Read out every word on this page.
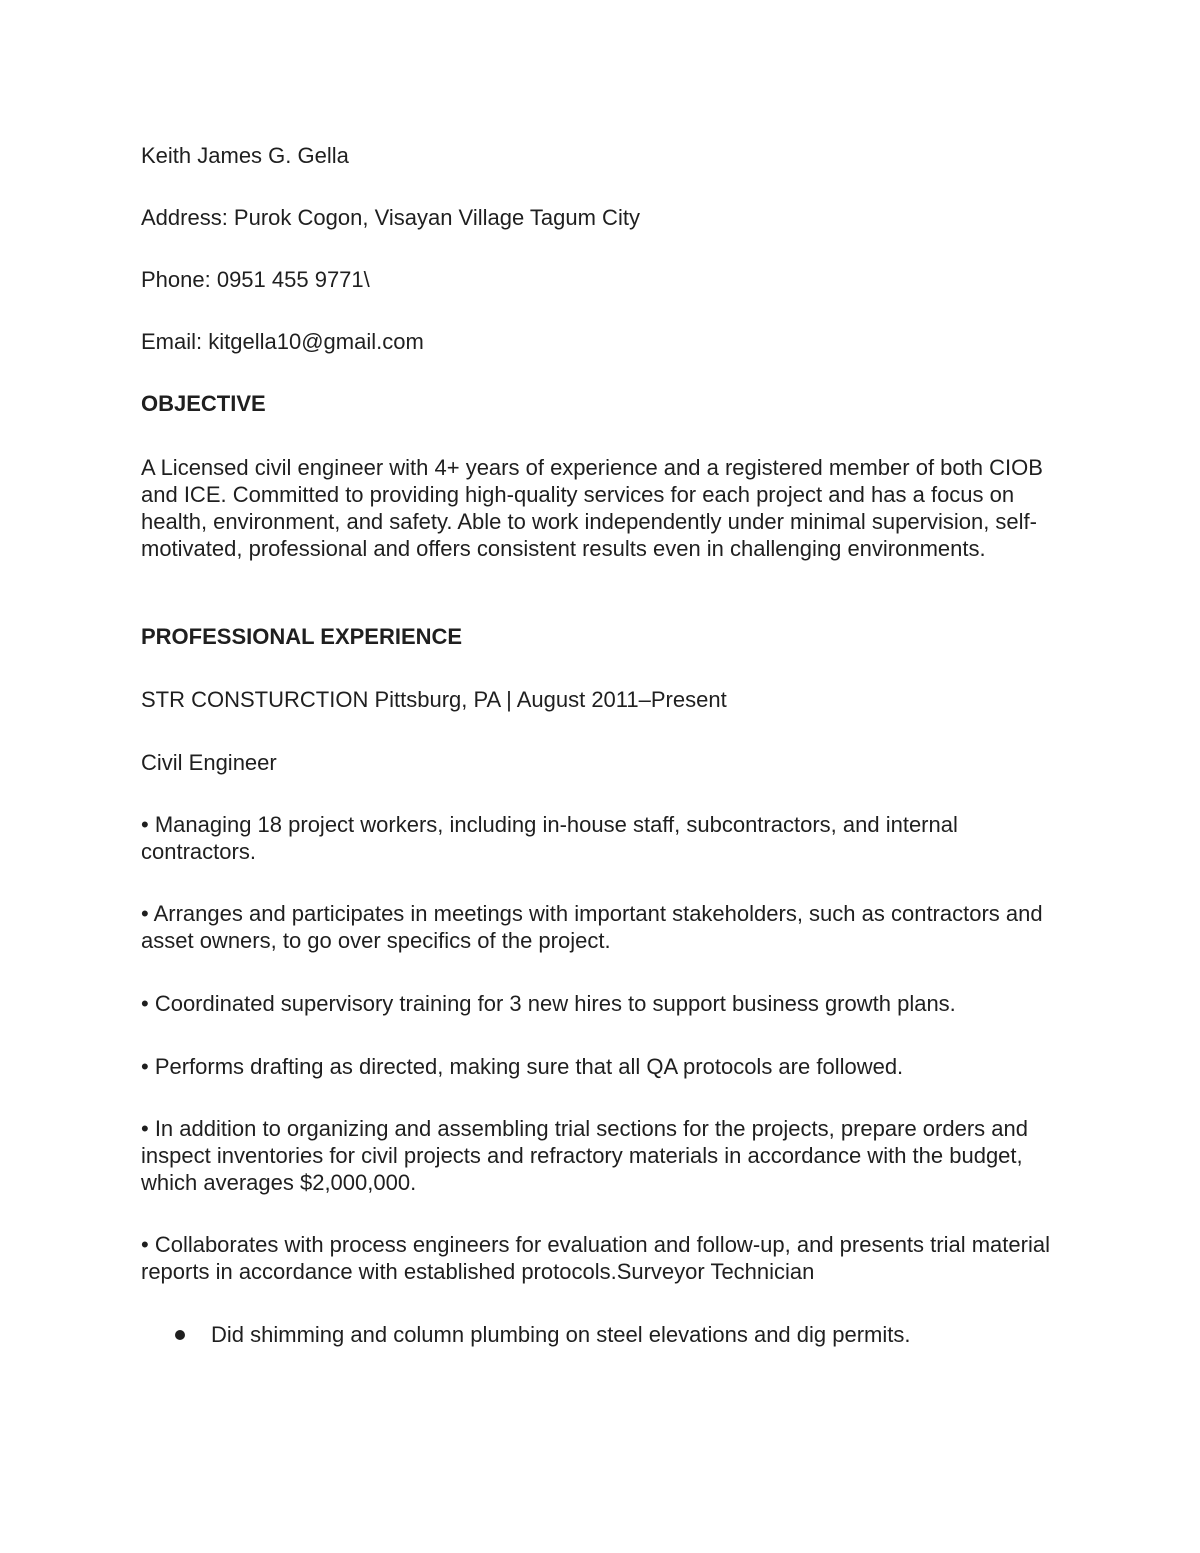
Keith James G. Gella

Address: Purok Cogon, Visayan Village Tagum City

Phone: 0951 455 9771\

Email: kitgella10@gmail.com

OBJECTIVE

A Licensed civil engineer with 4+ years of experience and a registered member of both CIOB and ICE. Committed to providing high-quality services for each project and has a focus on health, environment, and safety. Able to work independently under minimal supervision, self-motivated, professional and offers consistent results even in challenging environments.

PROFESSIONAL EXPERIENCE

STR CONSTURCTION Pittsburg, PA | August 2011–Present

Civil Engineer

• Managing 18 project workers, including in-house staff, subcontractors, and internal contractors.

• Arranges and participates in meetings with important stakeholders, such as contractors and asset owners, to go over specifics of the project.

• Coordinated supervisory training for 3 new hires to support business growth plans.

• Performs drafting as directed, making sure that all QA protocols are followed.

• In addition to organizing and assembling trial sections for the projects, prepare orders and inspect inventories for civil projects and refractory materials in accordance with the budget, which averages $2,000,000.

• Collaborates with process engineers for evaluation and follow-up, and presents trial material reports in accordance with established protocols.Surveyor Technician

Did shimming and column plumbing on steel elevations and dig permits.
